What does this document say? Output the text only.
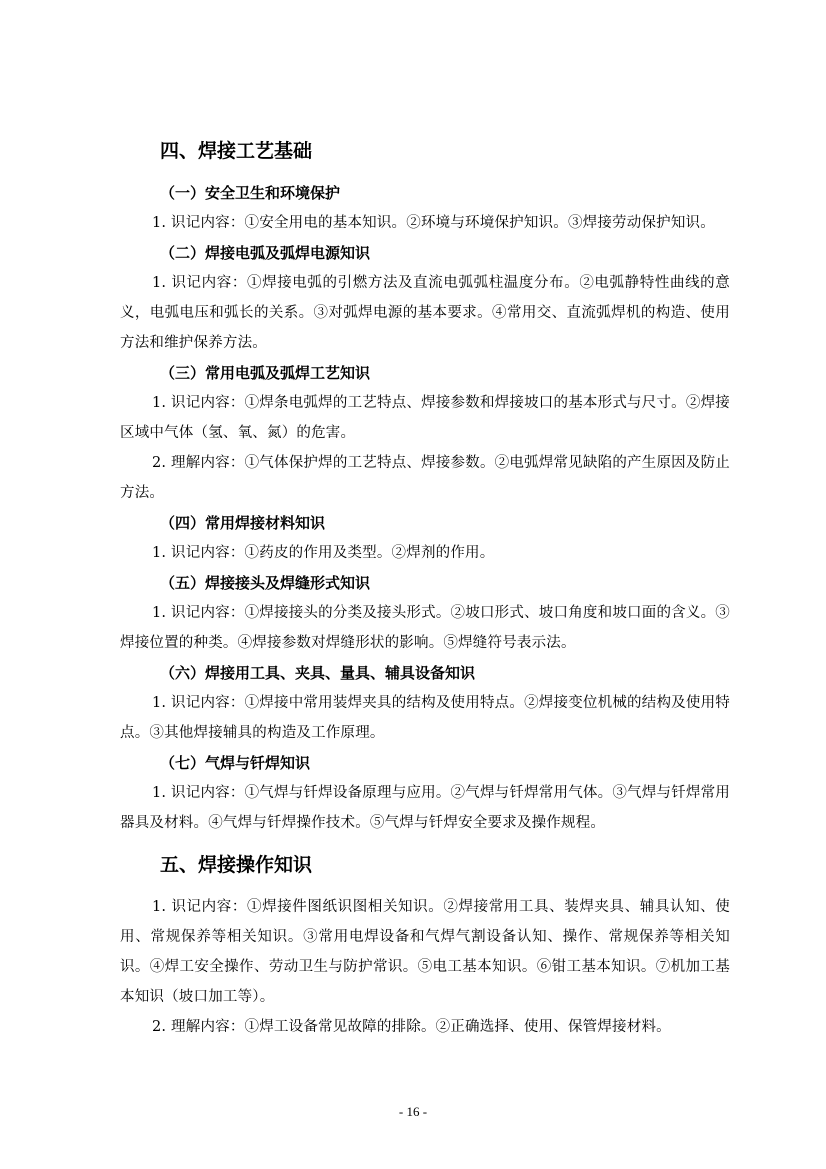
四、焊接工艺基础
（一）安全卫生和环境保护

1. 识记内容：①安全用电的基本知识。②环境与环境保护知识。③焊接劳动保护知识。

（二）焊接电弧及弧焊电源知识

1. 识记内容：①焊接电弧的引燃方法及直流电弧弧柱温度分布。②电弧静特性曲线的意义，电弧电压和弧长的关系。③对弧焊电源的基本要求。④常用交、直流弧焊机的构造、使用方法和维护保养方法。

（三）常用电弧及弧焊工艺知识

1. 识记内容：①焊条电弧焊的工艺特点、焊接参数和焊接坡口的基本形式与尺寸。②焊接区域中气体（氢、氧、氮）的危害。

2. 理解内容：①气体保护焊的工艺特点、焊接参数。②电弧焊常见缺陷的产生原因及防止方法。

（四）常用焊接材料知识

1. 识记内容：①药皮的作用及类型。②焊剂的作用。

（五）焊接接头及焊缝形式知识

1. 识记内容：①焊接接头的分类及接头形式。②坡口形式、坡口角度和坡口面的含义。③焊接位置的种类。④焊接参数对焊缝形状的影响。⑤焊缝符号表示法。

（六）焊接用工具、夹具、量具、辅具设备知识

1. 识记内容：①焊接中常用装焊夹具的结构及使用特点。②焊接变位机械的结构及使用特点。③其他焊接辅具的构造及工作原理。

（七）气焊与钎焊知识

1. 识记内容：①气焊与钎焊设备原理与应用。②气焊与钎焊常用气体。③气焊与钎焊常用器具及材料。④气焊与钎焊操作技术。⑤气焊与钎焊安全要求及操作规程。

五、焊接操作知识

1. 识记内容：①焊接件图纸识图相关知识。②焊接常用工具、装焊夹具、辅具认知、使用、常规保养等相关知识。③常用电焊设备和气焊气割设备认知、操作、常规保养等相关知识。④焊工安全操作、劳动卫生与防护常识。⑤电工基本知识。⑥钳工基本知识。⑦机加工基本知识（坡口加工等）。

2. 理解内容：①焊工设备常见故障的排除。②正确选择、使用、保管焊接材料。

- 16 -
